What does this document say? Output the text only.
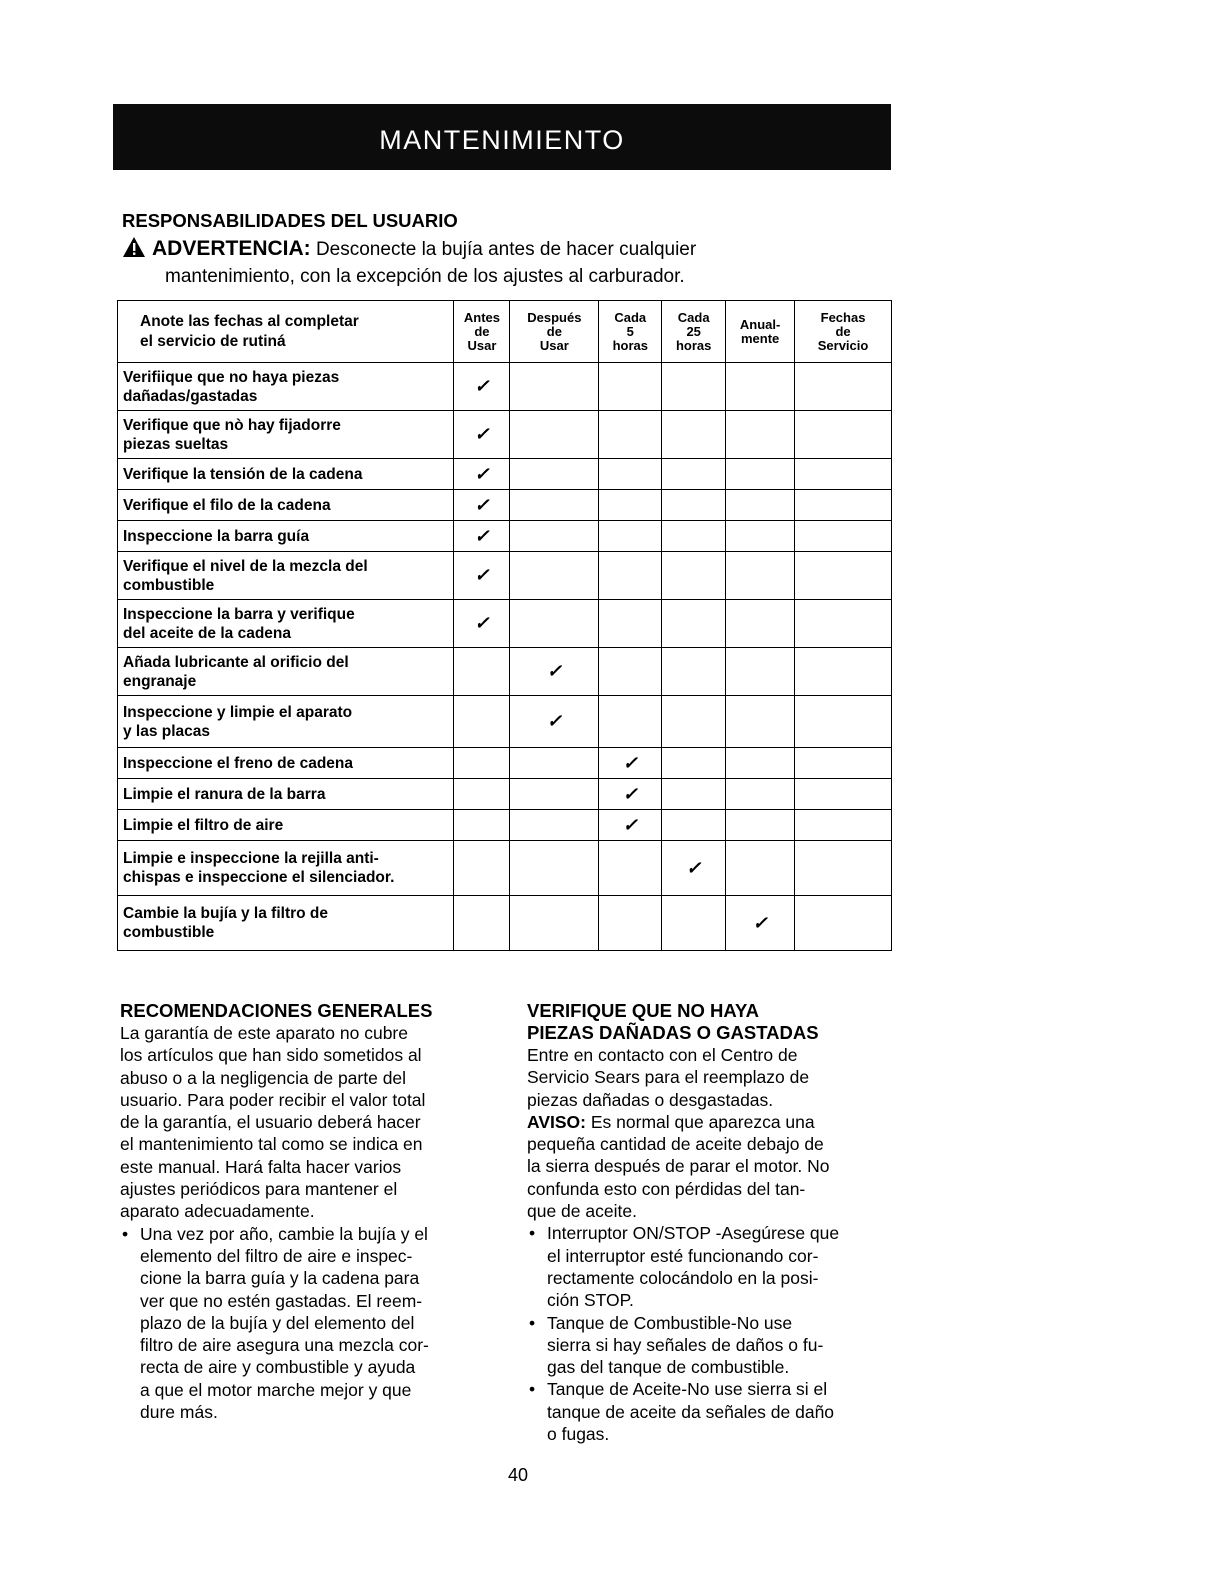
MANTENIMIENTO
RESPONSABILIDADES DEL USUARIO
ADVERTENCIA: Desconecte la bujía antes de hacer cualquier
mantenimiento, con la excepción de los ajustes al carburador.
Anote las fechas al completar
el servicio de rutiná	Antes
de
Usar	Después
de
Usar	Cada
5
horas	Cada
25
horas	Anual-
mente	Fechas
de
Servicio

Verifiique que no haya piezas
dañadas/gastadas	✓					

Verifique que nò hay fijadorre
piezas sueltas	✓					

Verifique la tensión de la cadena	✓					

Verifique el filo de la cadena	✓					

Inspeccione la barra guía	✓					

Verifique el nivel de la mezcla del
combustible	✓					

Inspeccione la barra y verifique
del aceite de la cadena	✓					

Añada lubricante al orificio del
engranaje		✓				

Inspeccione y limpie el aparato
y las placas		✓				

Inspeccione el freno de cadena			✓			

Limpie el ranura de la barra			✓			

Limpie el filtro de aire			✓			

Limpie e inspeccione la rejilla anti-
chispas e inspeccione el silenciador.				✓		

Cambie la bujía y la filtro de
combustible					✓	
RECOMENDACIONES GENERALES
La garantía de este aparato no cubre
los artículos que han sido sometidos al
abuso o a la negligencia de parte del
usuario. Para poder recibir el valor total
de la garantía, el usuario deberá hacer
el mantenimiento tal como se indica en
este manual. Hará falta hacer varios
ajustes periódicos para mantener el
aparato adecuadamente.
• Una vez por año, cambie la bujía y el
elemento del filtro de aire e inspec-
cione la barra guía y la cadena para
ver que no estén gastadas. El reem-
plazo de la bujía y del elemento del
filtro de aire asegura una mezcla cor-
recta de aire y combustible y ayuda
a que el motor marche mejor y que
dure más.
VERIFIQUE QUE NO HAYA
PIEZAS DAÑADAS O GASTADAS
Entre en contacto con el Centro de
Servicio Sears para el reemplazo de
piezas dañadas o desgastadas.
AVISO: Es normal que aparezca una
pequeña cantidad de aceite debajo de
la sierra después de parar el motor. No
confunda esto con pérdidas del tan-
que de aceite.
• Interruptor ON/STOP -Asegúrese que
el interruptor esté funcionando cor-
rectamente colocándolo en la posi-
ción STOP.
• Tanque de Combustible-No use
sierra si hay señales de daños o fu-
gas del tanque de combustible.
• Tanque de Aceite-No use sierra si el
tanque de aceite da señales de daño
o fugas.
40
